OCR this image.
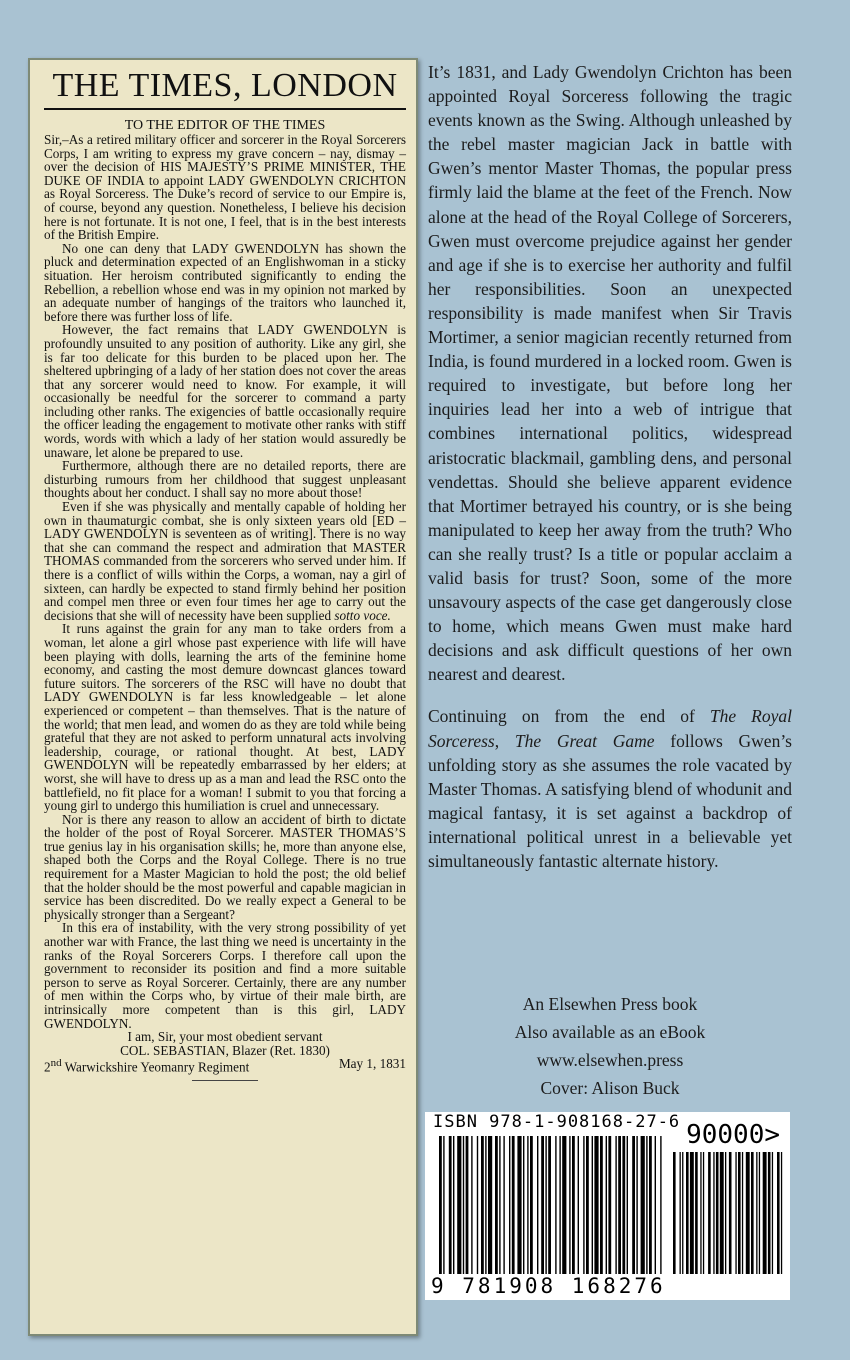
THE TIMES, LONDON
TO THE EDITOR OF THE TIMES

Sir,–As a retired military officer and sorcerer in the Royal Sorcerers Corps, I am writing to express my grave concern – nay, dismay – over the decision of HIS MAJESTY’S PRIME MINISTER, THE DUKE OF INDIA to appoint LADY GWENDOLYN CRICHTON as Royal Sorceress. The Duke’s record of service to our Empire is, of course, beyond any question. Nonetheless, I believe his decision here is not fortunate. It is not one, I feel, that is in the best interests of the British Empire.

No one can deny that LADY GWENDOLYN has shown the pluck and determination expected of an Englishwoman in a sticky situation. Her heroism contributed significantly to ending the Rebellion, a rebellion whose end was in my opinion not marked by an adequate number of hangings of the traitors who launched it, before there was further loss of life.

However, the fact remains that LADY GWENDOLYN is profoundly unsuited to any position of authority. Like any girl, she is far too delicate for this burden to be placed upon her. The sheltered upbringing of a lady of her station does not cover the areas that any sorcerer would need to know. For example, it will occasionally be needful for the sorcerer to command a party including other ranks. The exigencies of battle occasionally require the officer leading the engagement to motivate other ranks with stiff words, words with which a lady of her station would assuredly be unaware, let alone be prepared to use.

Furthermore, although there are no detailed reports, there are disturbing rumours from her childhood that suggest unpleasant thoughts about her conduct. I shall say no more about those!

Even if she was physically and mentally capable of holding her own in thaumaturgic combat, she is only sixteen years old [ED – LADY GWENDOLYN is seventeen as of writing]. There is no way that she can command the respect and admiration that MASTER THOMAS commanded from the sorcerers who served under him. If there is a conflict of wills within the Corps, a woman, nay a girl of sixteen, can hardly be expected to stand firmly behind her position and compel men three or even four times her age to carry out the decisions that she will of necessity have been supplied sotto voce.

It runs against the grain for any man to take orders from a woman, let alone a girl whose past experience with life will have been playing with dolls, learning the arts of the feminine home economy, and casting the most demure downcast glances toward future suitors. The sorcerers of the RSC will have no doubt that LADY GWENDOLYN is far less knowledgeable – let alone experienced or competent – than themselves. That is the nature of the world; that men lead, and women do as they are told while being grateful that they are not asked to perform unnatural acts involving leadership, courage, or rational thought. At best, LADY GWENDOLYN will be repeatedly embarrassed by her elders; at worst, she will have to dress up as a man and lead the RSC onto the battlefield, no fit place for a woman! I submit to you that forcing a young girl to undergo this humiliation is cruel and unnecessary.

Nor is there any reason to allow an accident of birth to dictate the holder of the post of Royal Sorcerer. MASTER THOMAS’S true genius lay in his organisation skills; he, more than anyone else, shaped both the Corps and the Royal College. There is no true requirement for a Master Magician to hold the post; the old belief that the holder should be the most powerful and capable magician in service has been discredited. Do we really expect a General to be physically stronger than a Sergeant?

In this era of instability, with the very strong possibility of yet another war with France, the last thing we need is uncertainty in the ranks of the Royal Sorcerers Corps. I therefore call upon the government to reconsider its position and find a more suitable person to serve as Royal Sorcerer. Certainly, there are any number of men within the Corps who, by virtue of their male birth, are intrinsically more competent than is this girl, LADY GWENDOLYN.

I am, Sir, your most obedient servant

COL. SEBASTIAN, Blazer (Ret. 1830)

2nd Warwickshire Yeomanry Regiment	May 1, 1831

It’s 1831, and Lady Gwendolyn Crichton has been appointed Royal Sorceress following the tragic events known as the Swing. Although unleashed by the rebel master magician Jack in battle with Gwen’s mentor Master Thomas, the popular press firmly laid the blame at the feet of the French. Now alone at the head of the Royal College of Sorcerers, Gwen must overcome prejudice against her gender and age if she is to exercise her authority and fulfil her responsibilities. Soon an unexpected responsibility is made manifest when Sir Travis Mortimer, a senior magician recently returned from India, is found murdered in a locked room. Gwen is required to investigate, but before long her inquiries lead her into a web of intrigue that combines international politics, widespread aristocratic blackmail, gambling dens, and personal vendettas. Should she believe apparent evidence that Mortimer betrayed his country, or is she being manipulated to keep her away from the truth? Who can she really trust? Is a title or popular acclaim a valid basis for trust? Soon, some of the more unsavoury aspects of the case get dangerously close to home, which means Gwen must make hard decisions and ask difficult questions of her own nearest and dearest.

Continuing on from the end of The Royal Sorceress, The Great Game follows Gwen’s unfolding story as she assumes the role vacated by Master Thomas. A satisfying blend of whodunit and magical fantasy, it is set against a backdrop of international political unrest in a believable yet simultaneously fantastic alternate history.

An Elsewhen Press book
Also available as an eBook
www.elsewhen.press
Cover: Alison Buck
ISBN 978-1-908168-27-6 90000>
9 781908 168276
